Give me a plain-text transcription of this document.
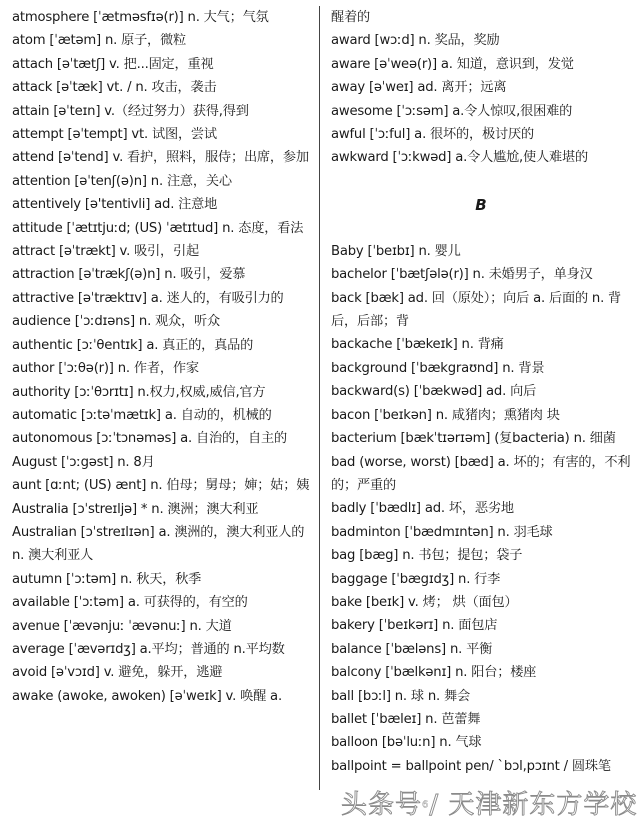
atmosphere [ˈætməsfɪə(r)] n. 大气；气氛
atom [ˈætəm] n. 原子，微粒
attach [əˈtætʃ] v. 把...固定，重视
attack [əˈtæk] vt. / n. 攻击，袭击
attain [əˈteɪn] v.（经过努力）获得,得到
attempt [əˈtempt] vt. 试图，尝试
attend [əˈtend] v. 看护，照料，服侍；出席，参加
attention [əˈtenʃ(ə)n] n. 注意，关心
attentively [ə'tentivli] ad. 注意地
attitude [ˈætɪtjuːd; (US) ˈætɪtud] n. 态度，看法
attract [əˈtrækt] v. 吸引，引起
attraction [əˈtrækʃ(ə)n] n. 吸引，爱慕
attractive [əˈtræktɪv] a. 迷人的，有吸引力的
audience [ˈɔːdɪəns] n. 观众，听众
authentic [ɔːˈθentɪk] a. 真正的，真品的
author [ˈɔːθə(r)] n. 作者，作家
authority [ɔːˈθɔrɪtɪ] n.权力,权威,威信,官方
automatic [ɔːtəˈmætɪk] a. 自动的，机械的
autonomous [ɔːˈtɔnəməs] a. 自治的，自主的
August [ˈɔːgəst] n. 8月
aunt [ɑːnt; (US) ænt] n. 伯母；舅母；婶；姑；姨
Australia [ɔˈstreɪljə] * n. 澳洲；澳大利亚
Australian [ɔˈstreɪlɪən] a. 澳洲的，澳大利亚人的 n. 澳大利亚人
autumn [ˈɔːtəm] n. 秋天，秋季
available [ˈɔːtəm] a. 可获得的，有空的
avenue [ˈævənjuː ˈævənuː] n. 大道
average [ˈævərɪdʒ] a.平均；普通的 n.平均数
avoid [əˈvɔɪd] v. 避免，躲开，逃避
awake (awoke, awoken) [əˈweɪk] v. 唤醒 a.
醒着的
award [wɔːd] n. 奖品，奖励
aware [əˈweə(r)] a. 知道，意识到，发觉
away [əˈweɪ] ad. 离开；远离
awesome [ˈɔːsəm] a.令人惊叹,很困难的
awful [ˈɔːful] a. 很坏的，极讨厌的
awkward [ˈɔːkwəd] a.令人尴尬,使人难堪的
B
Baby [ˈbeɪbɪ] n. 婴儿
bachelor [ˈbætʃələ(r)] n. 未婚男子，单身汉
back [bæk] ad. 回（原处）；向后 a. 后面的 n. 背后，后部；背
backache [ˈbækeɪk] n. 背痛
background [ˈbækgraʊnd] n. 背景
backward(s) [ˈbækwəd] ad. 向后
bacon [ˈbeɪkən] n. 咸猪肉；熏猪肉 块
bacterium [bækˈtɪərɪəm] (复bacteria) n. 细菌
bad (worse, worst) [bæd] a. 坏的；有害的，不利的；严重的
badly [ˈbædlɪ] ad. 坏，恶劣地
badminton [ˈbædmɪntən] n. 羽毛球
bag [bæg] n. 书包；提包；袋子
baggage [ˈbægɪdʒ] n. 行李
bake [beɪk] v. 烤； 烘（面包）
bakery [ˈbeɪkərɪ] n. 面包店
balance [ˈbæləns] n. 平衡
balcony [ˈbælkənɪ] n. 阳台；楼座
ball [bɔːl] n. 球 n. 舞会
ballet [ˈbæleɪ] n. 芭蕾舞
balloon [bəˈluːn] n. 气球
ballpoint = ballpoint pen/ ˋbɔl,pɔɪnt / 圆珠笔
头条号6/ 天津新东方学校
